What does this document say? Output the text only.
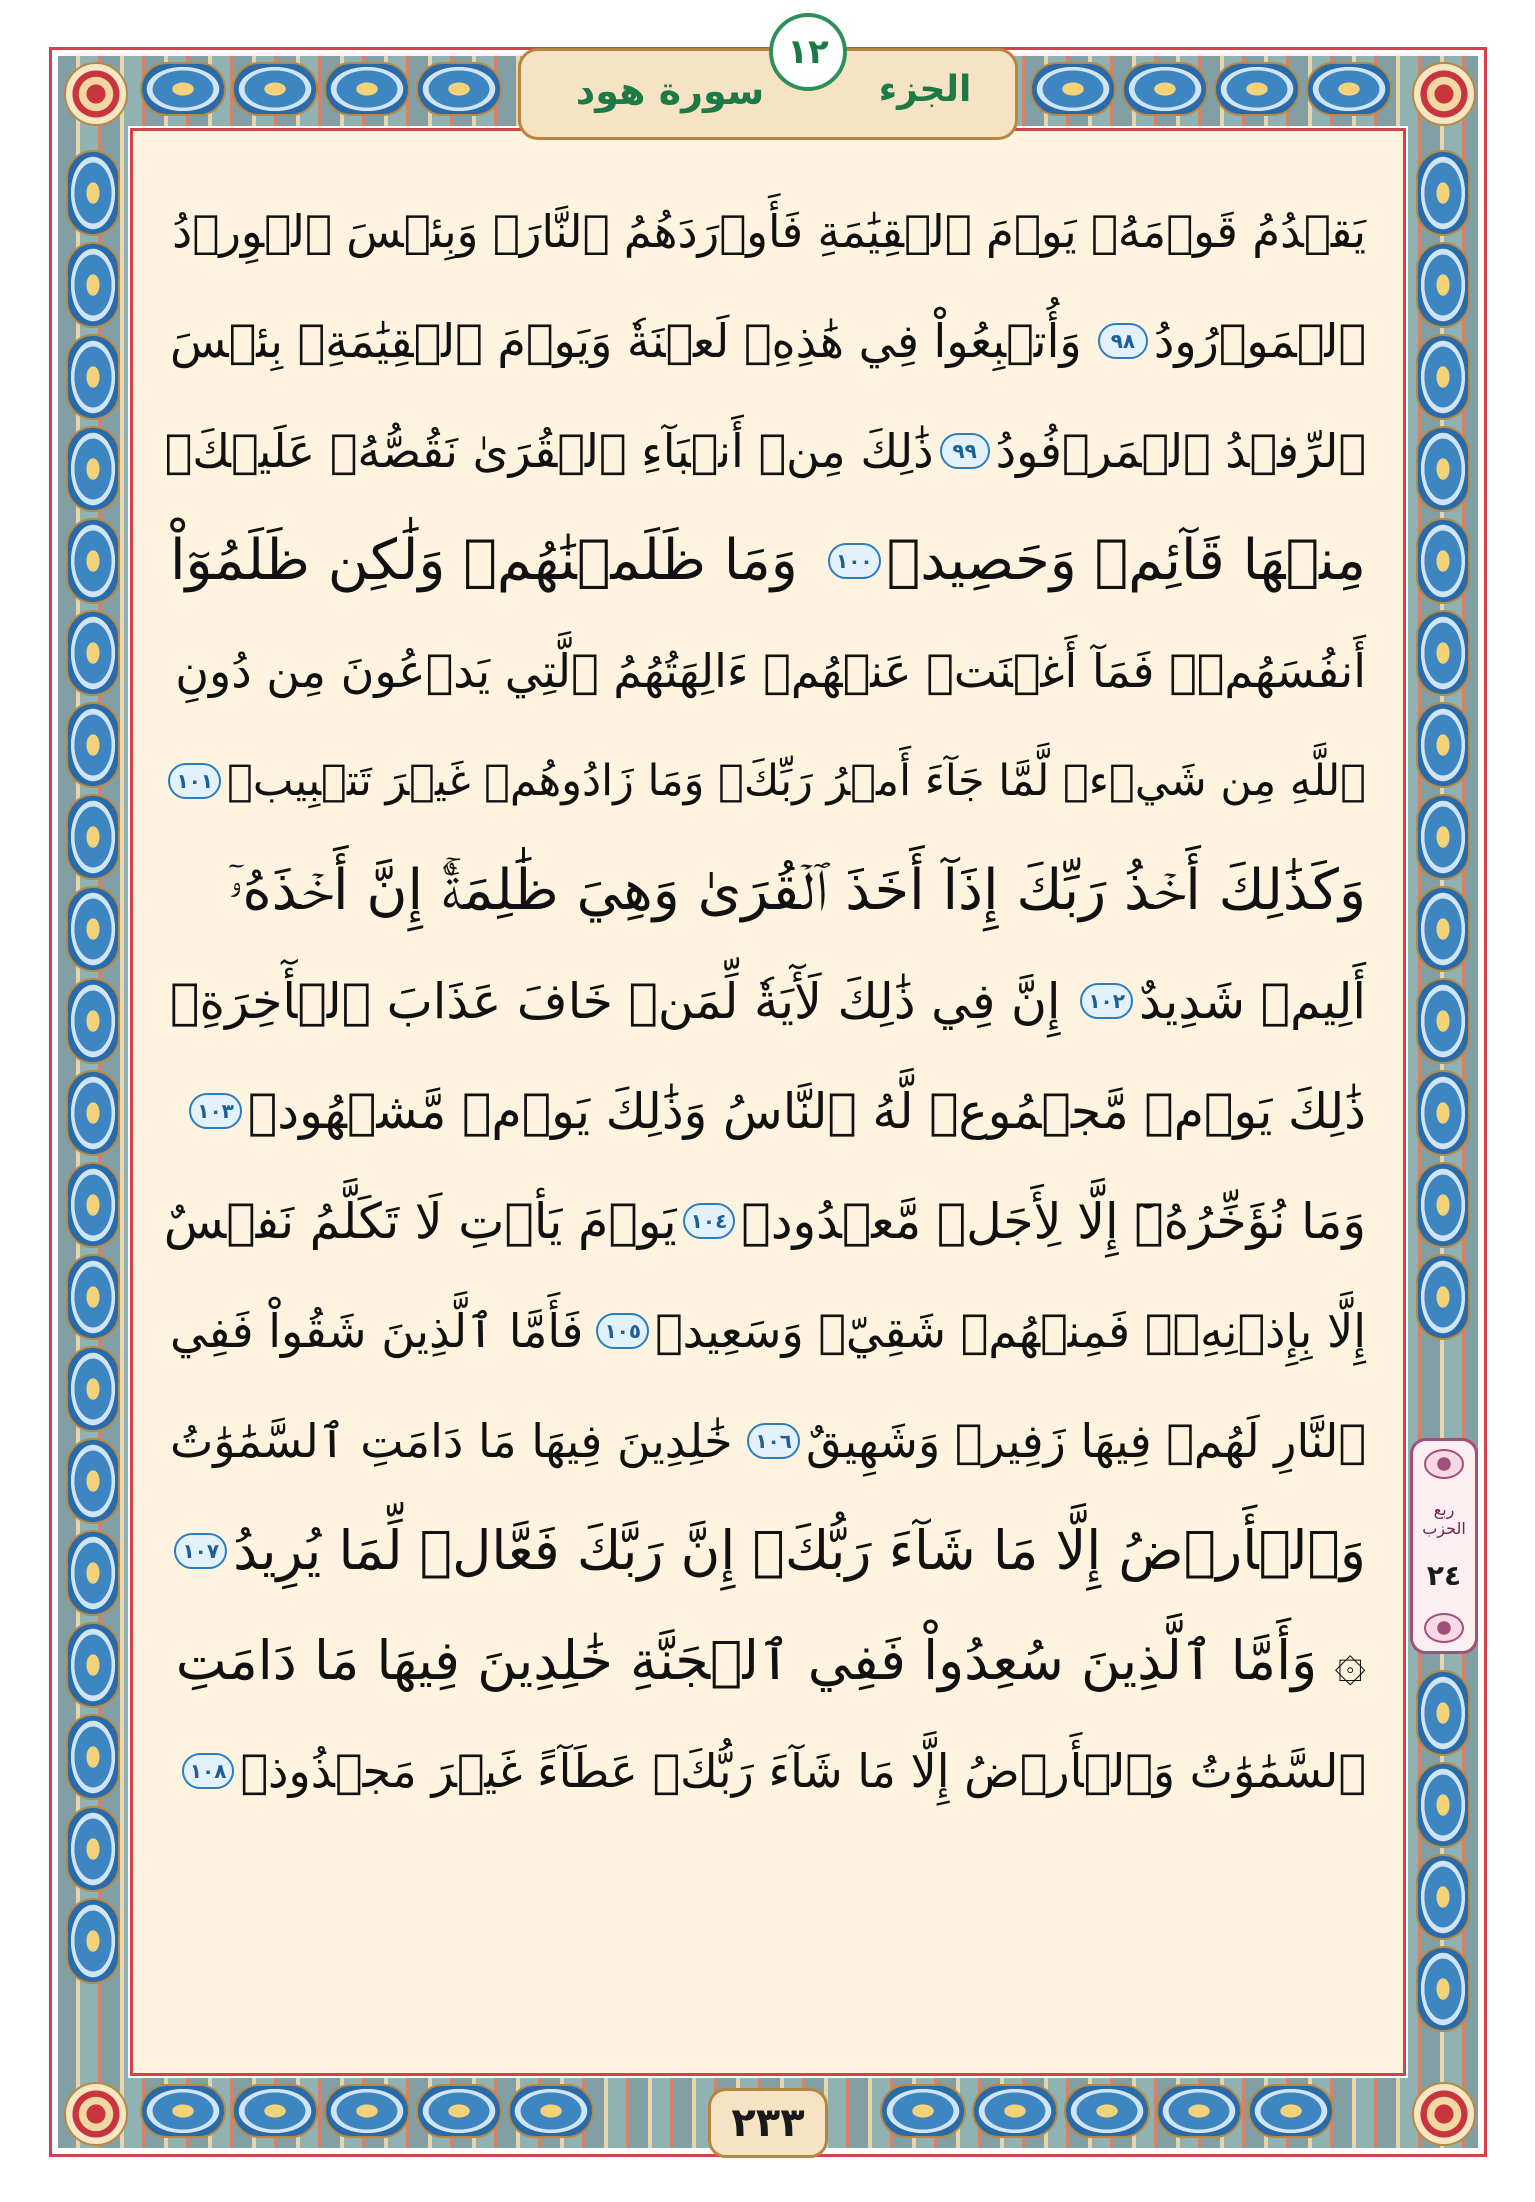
سورة هود
١٢
الجزء
يَقۡدُمُ قَوۡمَهُۥ يَوۡمَ ٱلۡقِيَٰمَةِ فَأَوۡرَدَهُمُ ٱلنَّارَۖ وَبِئۡسَ ٱلۡوِرۡدُ
ٱلۡمَوۡرُودُ
٩٨
وَأُتۡبِعُواْ فِي هَٰذِهِۦ لَعۡنَةٗ وَيَوۡمَ ٱلۡقِيَٰمَةِۚ بِئۡسَ
ٱلرِّفۡدُ ٱلۡمَرۡفُودُ
٩٩
ذَٰلِكَ مِنۡ أَنۢبَآءِ ٱلۡقُرَىٰ نَقُصُّهُۥ عَلَيۡكَۖ
مِنۡهَا قَآئِمٞ وَحَصِيدٞ
١٠٠
وَمَا ظَلَمۡنَٰهُمۡ وَلَٰكِن ظَلَمُوٓاْ
أَنفُسَهُمۡۖ فَمَآ أَغۡنَتۡ عَنۡهُمۡ ءَالِهَتُهُمُ ٱلَّتِي يَدۡعُونَ مِن دُونِ
ٱللَّهِ مِن شَيۡءٖ لَّمَّا جَآءَ أَمۡرُ رَبِّكَۖ وَمَا زَادُوهُمۡ غَيۡرَ تَتۡبِيبٖ
١٠١
وَكَذَٰلِكَ أَخۡذُ رَبِّكَ إِذَآ أَخَذَ ٱلۡقُرَىٰ وَهِيَ ظَٰلِمَةٌۚ إِنَّ أَخۡذَهُۥٓ
أَلِيمٞ شَدِيدٌ
١٠٢
إِنَّ فِي ذَٰلِكَ لَأٓيَةٗ لِّمَنۡ خَافَ عَذَابَ ٱلۡأٓخِرَةِۚ
ذَٰلِكَ يَوۡمٞ مَّجۡمُوعٞ لَّهُ ٱلنَّاسُ وَذَٰلِكَ يَوۡمٞ مَّشۡهُودٞ
١٠٣
وَمَا نُؤَخِّرُهُۥٓ إِلَّا لِأَجَلٖ مَّعۡدُودٖ
١٠٤
يَوۡمَ يَأۡتِ لَا تَكَلَّمُ نَفۡسٌ
إِلَّا بِإِذۡنِهِۦۚ فَمِنۡهُمۡ شَقِيّٞ وَسَعِيدٞ
١٠٥
فَأَمَّا ٱلَّذِينَ شَقُواْ فَفِي
ٱلنَّارِ لَهُمۡ فِيهَا زَفِيرٞ وَشَهِيقٌ
١٠٦
خَٰلِدِينَ فِيهَا مَا دَامَتِ ٱلسَّمَٰوَٰتُ
وَٱلۡأَرۡضُ إِلَّا مَا شَآءَ رَبُّكَۚ إِنَّ رَبَّكَ فَعَّالٞ لِّمَا يُرِيدُ
١٠٧
۞ وَأَمَّا ٱلَّذِينَ سُعِدُواْ فَفِي ٱلۡجَنَّةِ خَٰلِدِينَ فِيهَا مَا دَامَتِ
ٱلسَّمَٰوَٰتُ وَٱلۡأَرۡضُ إِلَّا مَا شَآءَ رَبُّكَۖ عَطَآءً غَيۡرَ مَجۡذُوذٖ
١٠٨
ربع الحزب
٢٤
٢٣٣
